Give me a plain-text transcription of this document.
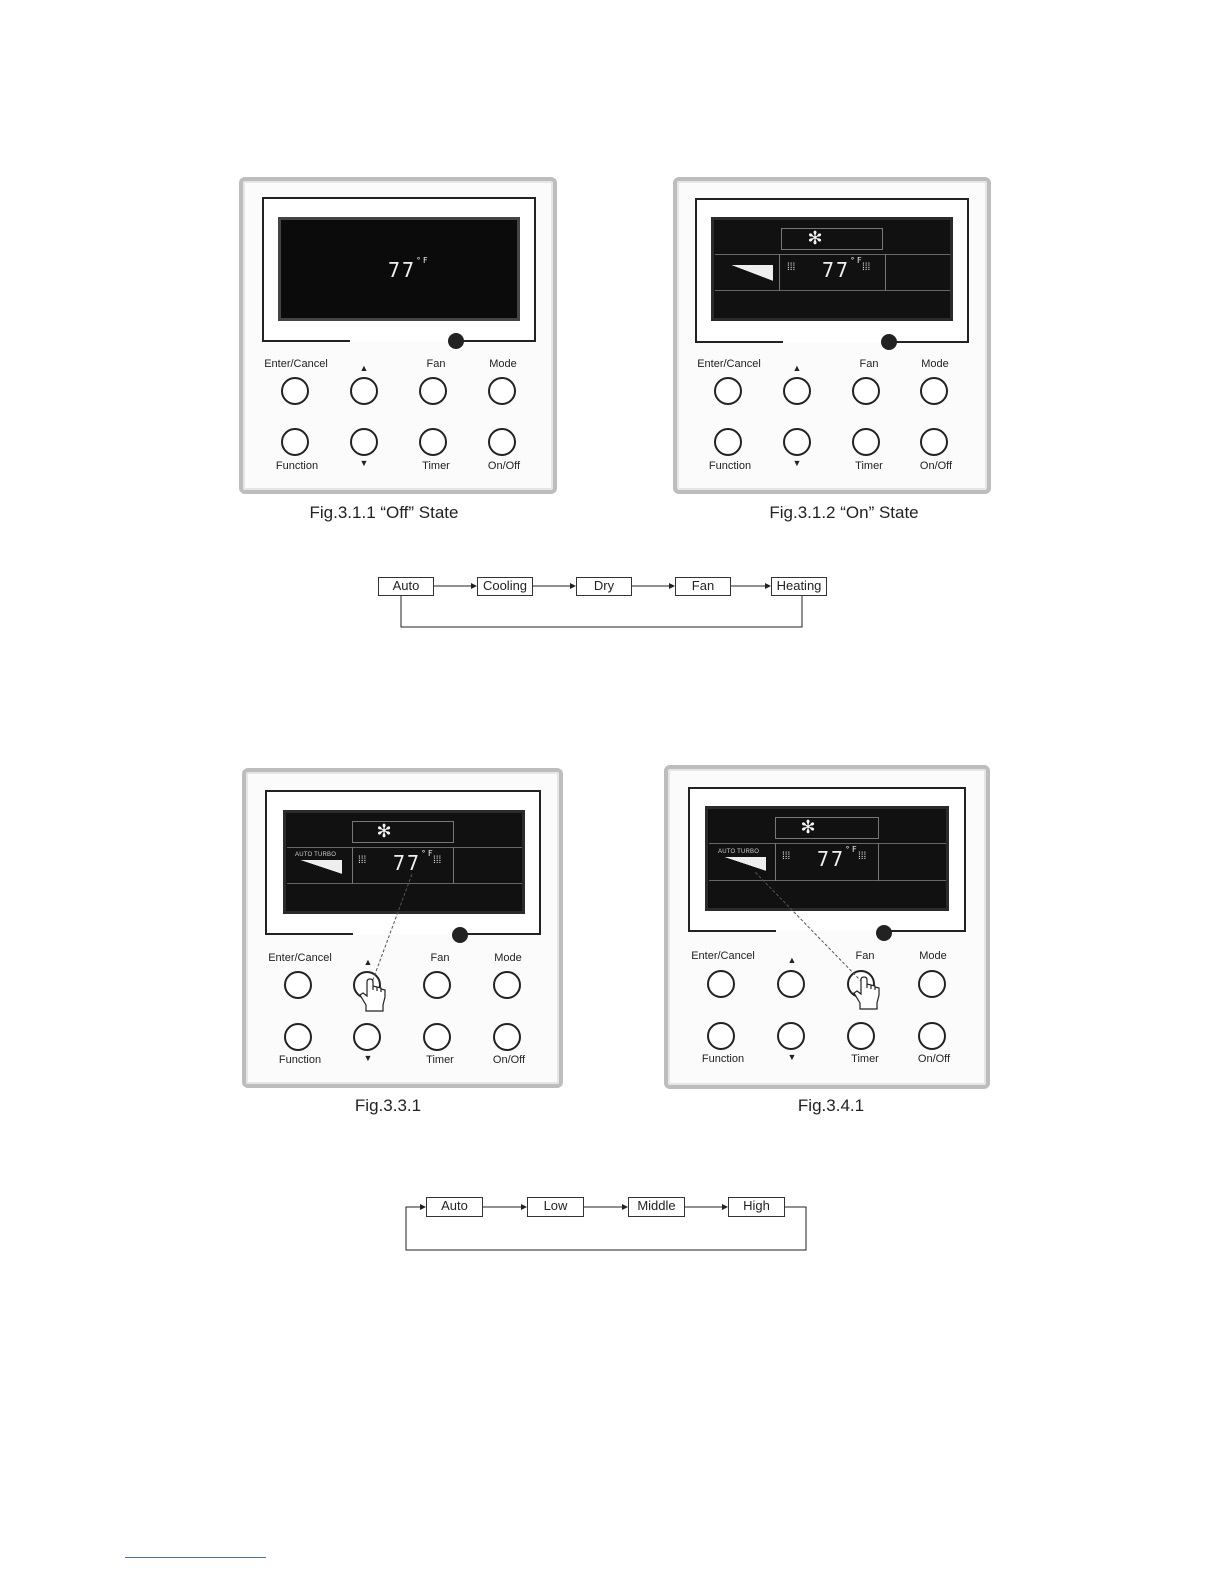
$77^{^\circ F}$
Enter/Cancel	▲	Fan	Mode
Function	▼	Timer	On/Off
Fig.3.1.1 “Off” State
✻
⁞⁞⁞ $77^{^\circ F}$
⁞⁞⁞
Enter/Cancel	▲	Fan	Mode
Function	▼	Timer	On/Off
Fig.3.1.2 “On” State
Auto	Cooling	Dry	Fan	Heating
✻
AUTO TURBO ⁞⁞⁞ $77^{^\circ F}$
⁞⁞⁞
Enter/Cancel	▲	Fan	Mode
Function	▼	Timer	On/Off
Fig.3.3.1
✻
AUTO TURBO ⁞⁞⁞ $77^{^\circ F}$
⁞⁞⁞
Enter/Cancel	▲	Fan	Mode
Function	▼	Timer	On/Off
Fig.3.4.1
Auto	Low	Middle	High
